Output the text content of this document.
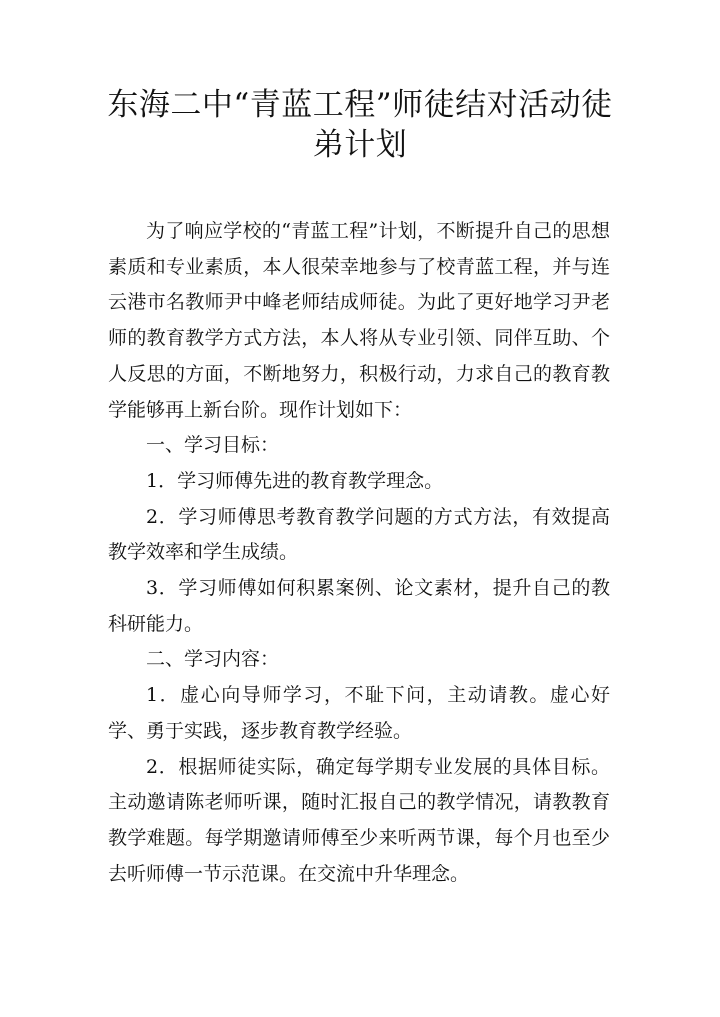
东海二中“青蓝工程”师徒结对活动徒弟计划

为了响应学校的“青蓝工程”计划，不断提升自己的思想素质和专业素质，本人很荣幸地参与了校青蓝工程，并与连云港市名教师尹中峰老师结成师徒。为此了更好地学习尹老师的教育教学方式方法，本人将从专业引领、同伴互助、个人反思的方面，不断地努力，积极行动，力求自己的教育教学能够再上新台阶。现作计划如下：

一、学习目标：

1．学习师傅先进的教育教学理念。

2．学习师傅思考教育教学问题的方式方法，有效提高教学效率和学生成绩。

3．学习师傅如何积累案例、论文素材，提升自己的教科研能力。

二、学习内容：

1．虚心向导师学习，不耻下问，主动请教。虚心好学、勇于实践，逐步教育教学经验。

2．根据师徒实际，确定每学期专业发展的具体目标。主动邀请陈老师听课，随时汇报自己的教学情况，请教教育教学难题。每学期邀请师傅至少来听两节课，每个月也至少去听师傅一节示范课。在交流中升华理念。
